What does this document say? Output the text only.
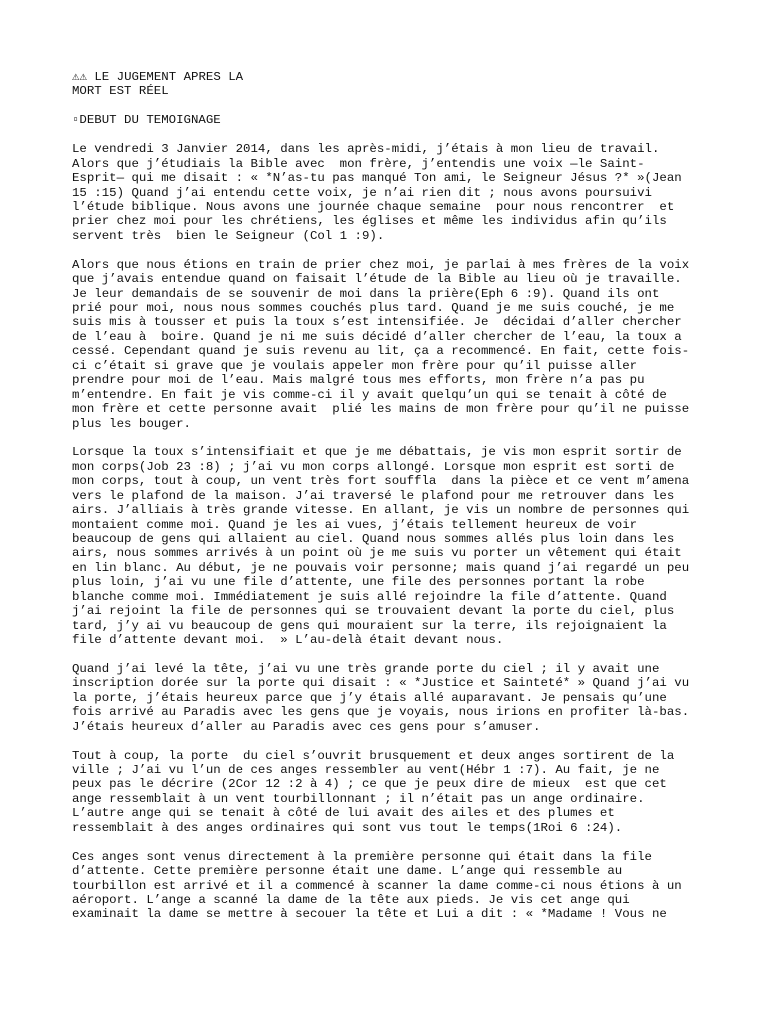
⚠⚠ LE JUGEMENT APRES LA
MORT EST RÉEL
▫DEBUT DU TEMOIGNAGE
Le vendredi 3 Janvier 2014, dans les après-midi, j’étais à mon lieu de travail.
Alors que j’étudiais la Bible avec  mon frère, j’entendis une voix —le Saint-
Esprit— qui me disait : « *N’as-tu pas manqué Ton ami, le Seigneur Jésus ?* »(Jean
15 :15) Quand j’ai entendu cette voix, je n’ai rien dit ; nous avons poursuivi
l’étude biblique. Nous avons une journée chaque semaine  pour nous rencontrer  et
prier chez moi pour les chrétiens, les églises et même les individus afin qu’ils
servent très  bien le Seigneur (Col 1 :9).
Alors que nous étions en train de prier chez moi, je parlai à mes frères de la voix
que j’avais entendue quand on faisait l’étude de la Bible au lieu où je travaille.
Je leur demandais de se souvenir de moi dans la prière(Eph 6 :9). Quand ils ont
prié pour moi, nous nous sommes couchés plus tard. Quand je me suis couché, je me
suis mis à tousser et puis la toux s’est intensifiée. Je  décidai d’aller chercher
de l’eau à  boire. Quand je ni me suis décidé d’aller chercher de l’eau, la toux a
cessé. Cependant quand je suis revenu au lit, ça a recommencé. En fait, cette fois-
ci c’était si grave que je voulais appeler mon frère pour qu’il puisse aller
prendre pour moi de l’eau. Mais malgré tous mes efforts, mon frère n’a pas pu
m’entendre. En fait je vis comme-ci il y avait quelqu’un qui se tenait à côté de
mon frère et cette personne avait  plié les mains de mon frère pour qu’il ne puisse
plus les bouger.
Lorsque la toux s’intensifiait et que je me débattais, je vis mon esprit sortir de
mon corps(Job 23 :8) ; j’ai vu mon corps allongé. Lorsque mon esprit est sorti de
mon corps, tout à coup, un vent très fort souffla  dans la pièce et ce vent m’amena
vers le plafond de la maison. J’ai traversé le plafond pour me retrouver dans les
airs. J’alliais à très grande vitesse. En allant, je vis un nombre de personnes qui
montaient comme moi. Quand je les ai vues, j’étais tellement heureux de voir
beaucoup de gens qui allaient au ciel. Quand nous sommes allés plus loin dans les
airs, nous sommes arrivés à un point où je me suis vu porter un vêtement qui était
en lin blanc. Au début, je ne pouvais voir personne; mais quand j’ai regardé un peu
plus loin, j’ai vu une file d’attente, une file des personnes portant la robe
blanche comme moi. Immédiatement je suis allé rejoindre la file d’attente. Quand
j’ai rejoint la file de personnes qui se trouvaient devant la porte du ciel, plus
tard, j’y ai vu beaucoup de gens qui mouraient sur la terre, ils rejoignaient la
file d’attente devant moi.  » L’au-delà était devant nous.
Quand j’ai levé la tête, j’ai vu une très grande porte du ciel ; il y avait une
inscription dorée sur la porte qui disait : « *Justice et Sainteté* » Quand j’ai vu
la porte, j’étais heureux parce que j’y étais allé auparavant. Je pensais qu’une
fois arrivé au Paradis avec les gens que je voyais, nous irions en profiter là-bas.
J’étais heureux d’aller au Paradis avec ces gens pour s’amuser.
Tout à coup, la porte  du ciel s’ouvrit brusquement et deux anges sortirent de la
ville ; J’ai vu l’un de ces anges ressembler au vent(Hébr 1 :7). Au fait, je ne
peux pas le décrire (2Cor 12 :2 à 4) ; ce que je peux dire de mieux  est que cet
ange ressemblait à un vent tourbillonnant ; il n’était pas un ange ordinaire.
L’autre ange qui se tenait à côté de lui avait des ailes et des plumes et
ressemblait à des anges ordinaires qui sont vus tout le temps(1Roi 6 :24).
Ces anges sont venus directement à la première personne qui était dans la file
d’attente. Cette première personne était une dame. L’ange qui ressemble au
tourbillon est arrivé et il a commencé à scanner la dame comme-ci nous étions à un
aéroport. L’ange a scanné la dame de la tête aux pieds. Je vis cet ange qui
examinait la dame se mettre à secouer la tête et Lui a dit : « *Madame ! Vous ne
